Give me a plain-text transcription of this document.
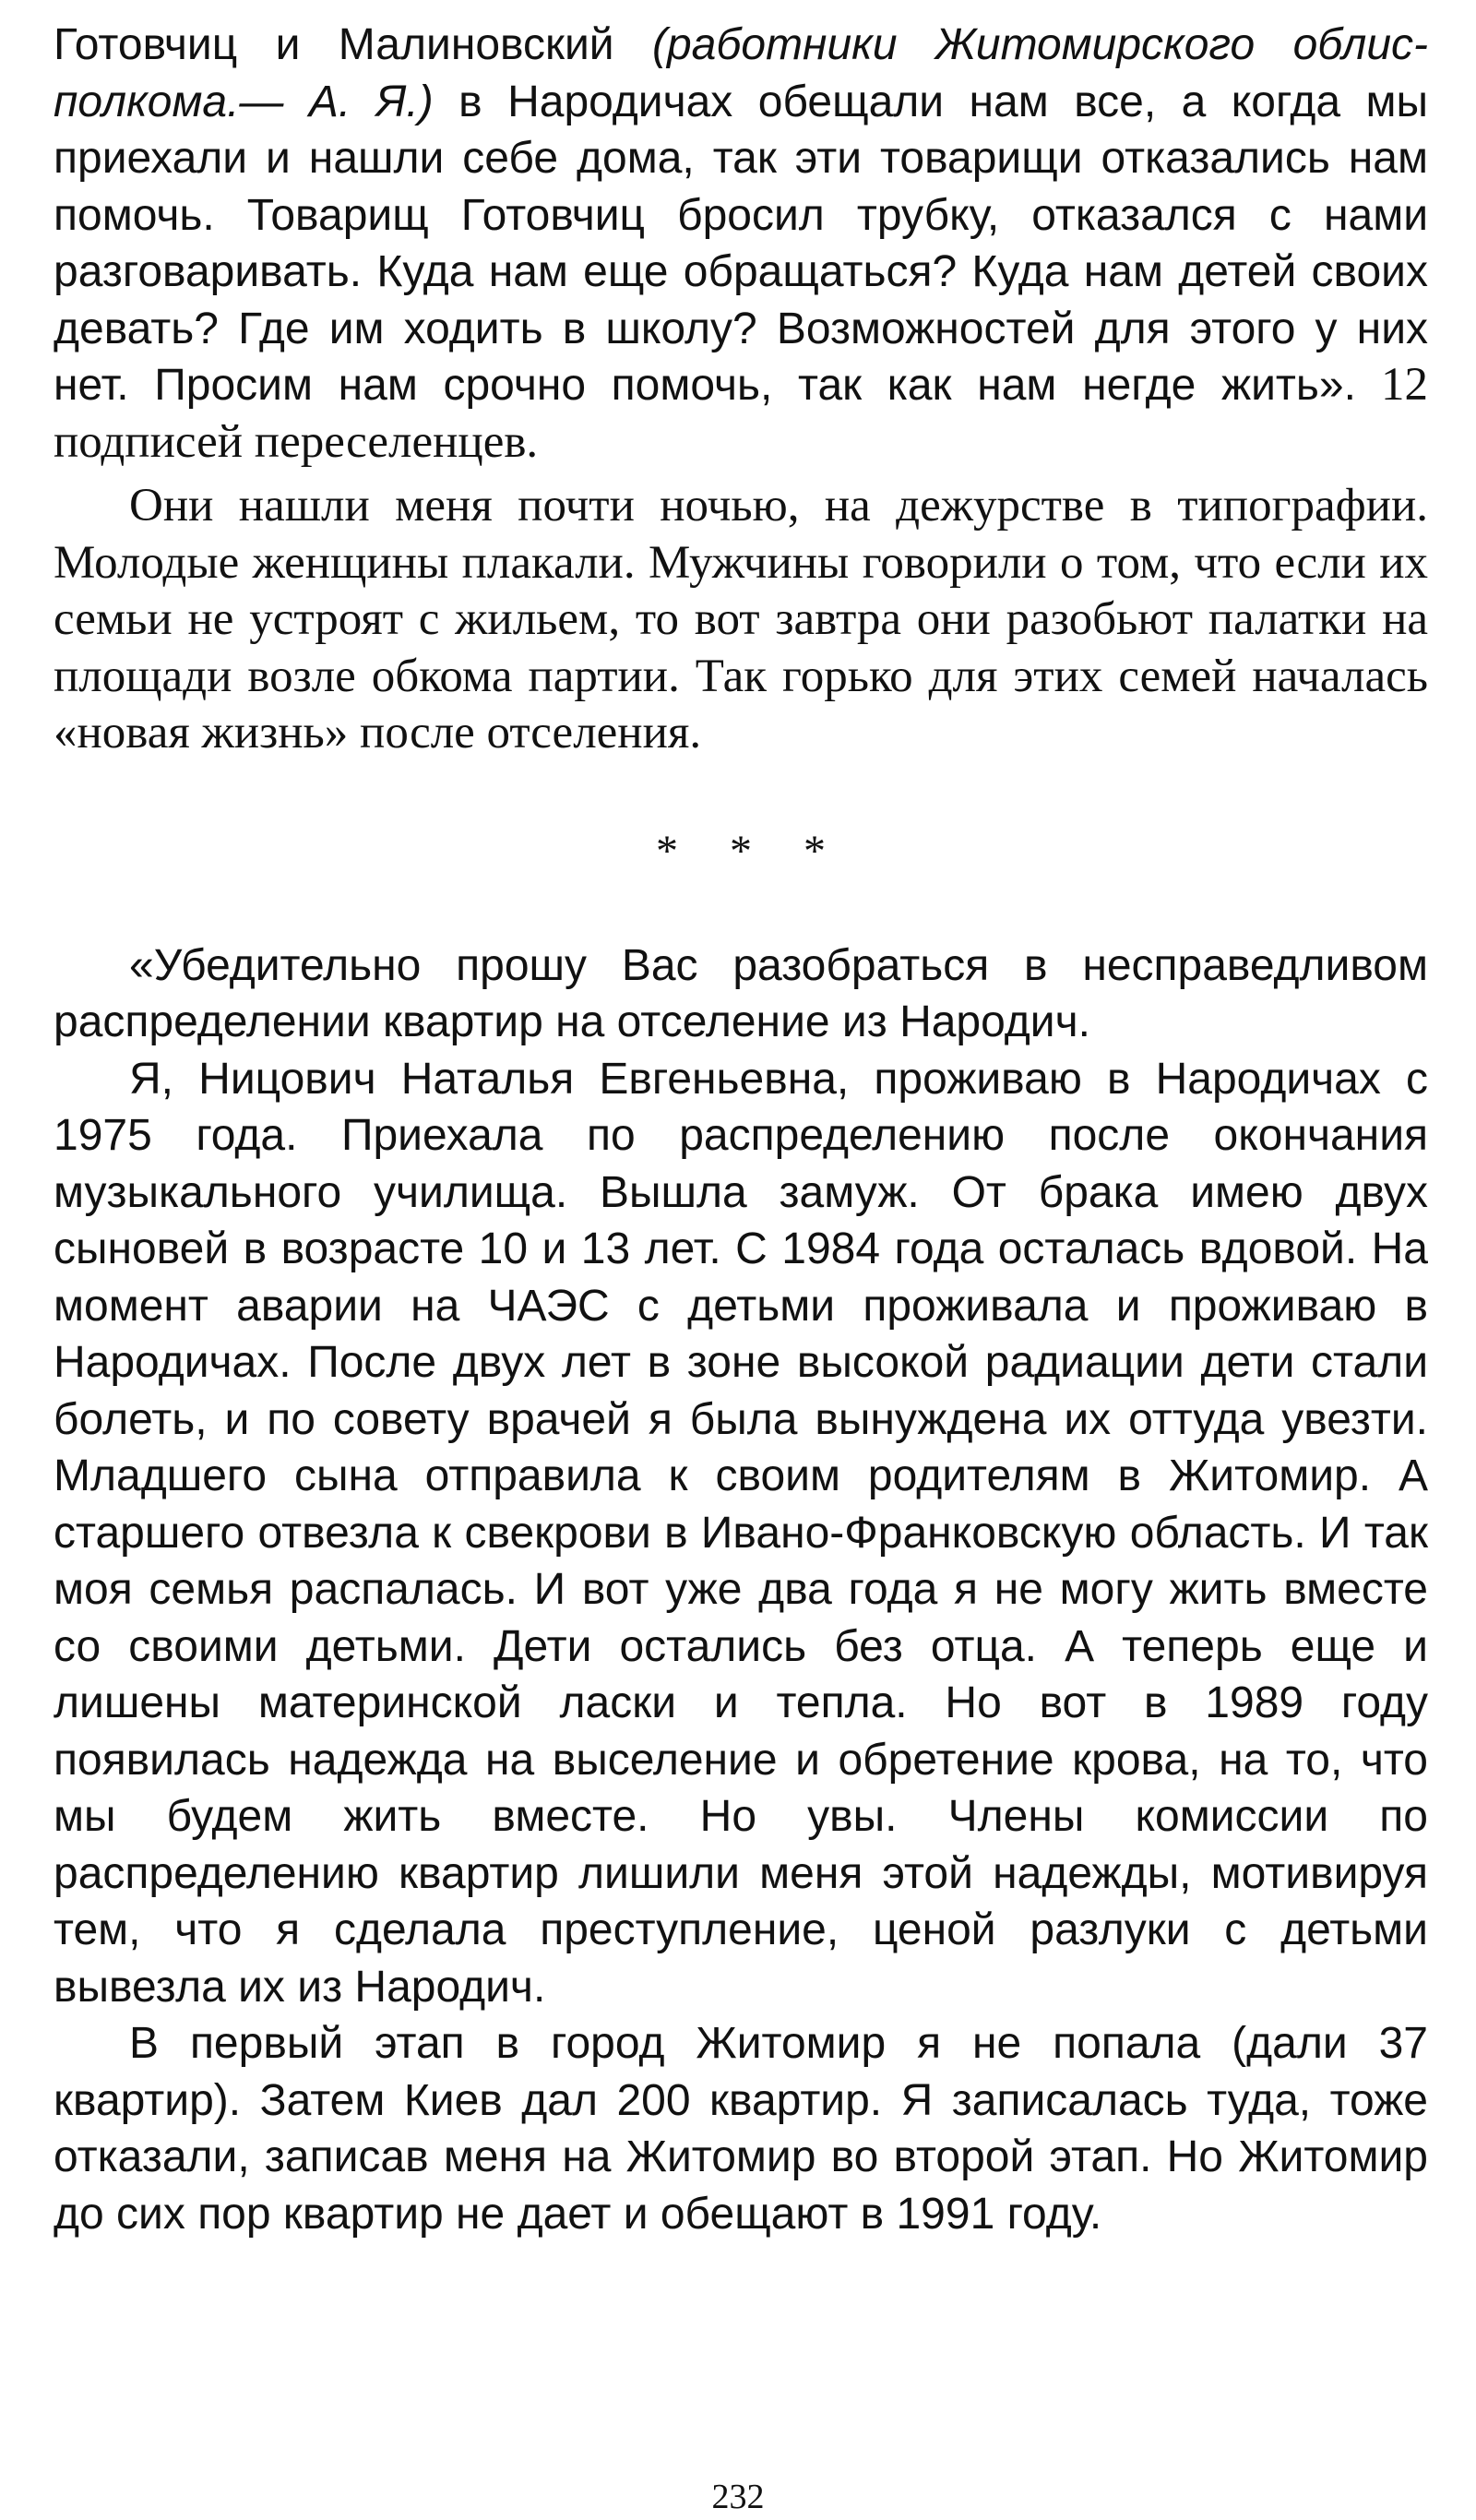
Готовчиц и Малиновский (работники Житомирского облисполкома.— А. Я.) в Народичах обещали нам все, а когда мы приехали и нашли себе дома, так эти товарищи отказались нам помочь. Товарищ Готовчиц бросил трубку, отказался с нами разговаривать. Куда нам еще обращаться? Куда нам детей своих девать? Где им ходить в школу? Возможностей для этого у них нет. Просим нам срочно помочь, так как нам негде жить». 12 подписей переселенцев.

Они нашли меня почти ночью, на дежурстве в типографии. Молодые женщины плакали. Мужчины говорили о том, что если их семьи не устроят с жильем, то вот завтра они разобьют палатки на площади возле обкома партии. Так горько для этих семей началась «новая жизнь» после отселения.

* * *

«Убедительно прошу Вас разобраться в несправедливом распределении квартир на отселение из Народич.

Я, Ницович Наталья Евгеньевна, проживаю в Народичах с 1975 года. Приехала по распределению после окончания музыкального училища. Вышла замуж. От брака имею двух сыновей в возрасте 10 и 13 лет. С 1984 года осталась вдовой. На момент аварии на ЧАЭС с детьми проживала и проживаю в Народичах. После двух лет в зоне высокой радиации дети стали болеть, и по совету врачей я была вынуждена их оттуда увезти. Младшего сына отправила к своим родителям в Житомир. А старшего отвезла к свекрови в Ивано-Франковскую область. И так моя семья распалась. И вот уже два года я не могу жить вместе со своими детьми. Дети остались без отца. А теперь еще и лишены материнской ласки и тепла. Но вот в 1989 году появилась надежда на выселение и обретение крова, на то, что мы будем жить вместе. Но увы. Члены комиссии по распределению квартир лишили меня этой надежды, мотивируя тем, что я сделала преступление, ценой разлуки с детьми вывезла их из Народич.

В первый этап в город Житомир я не попала (дали 37 квартир). Затем Киев дал 200 квартир. Я записалась туда, тоже отказали, записав меня на Житомир во второй этап. Но Житомир до сих пор квартир не дает и обещают в 1991 году.

232
